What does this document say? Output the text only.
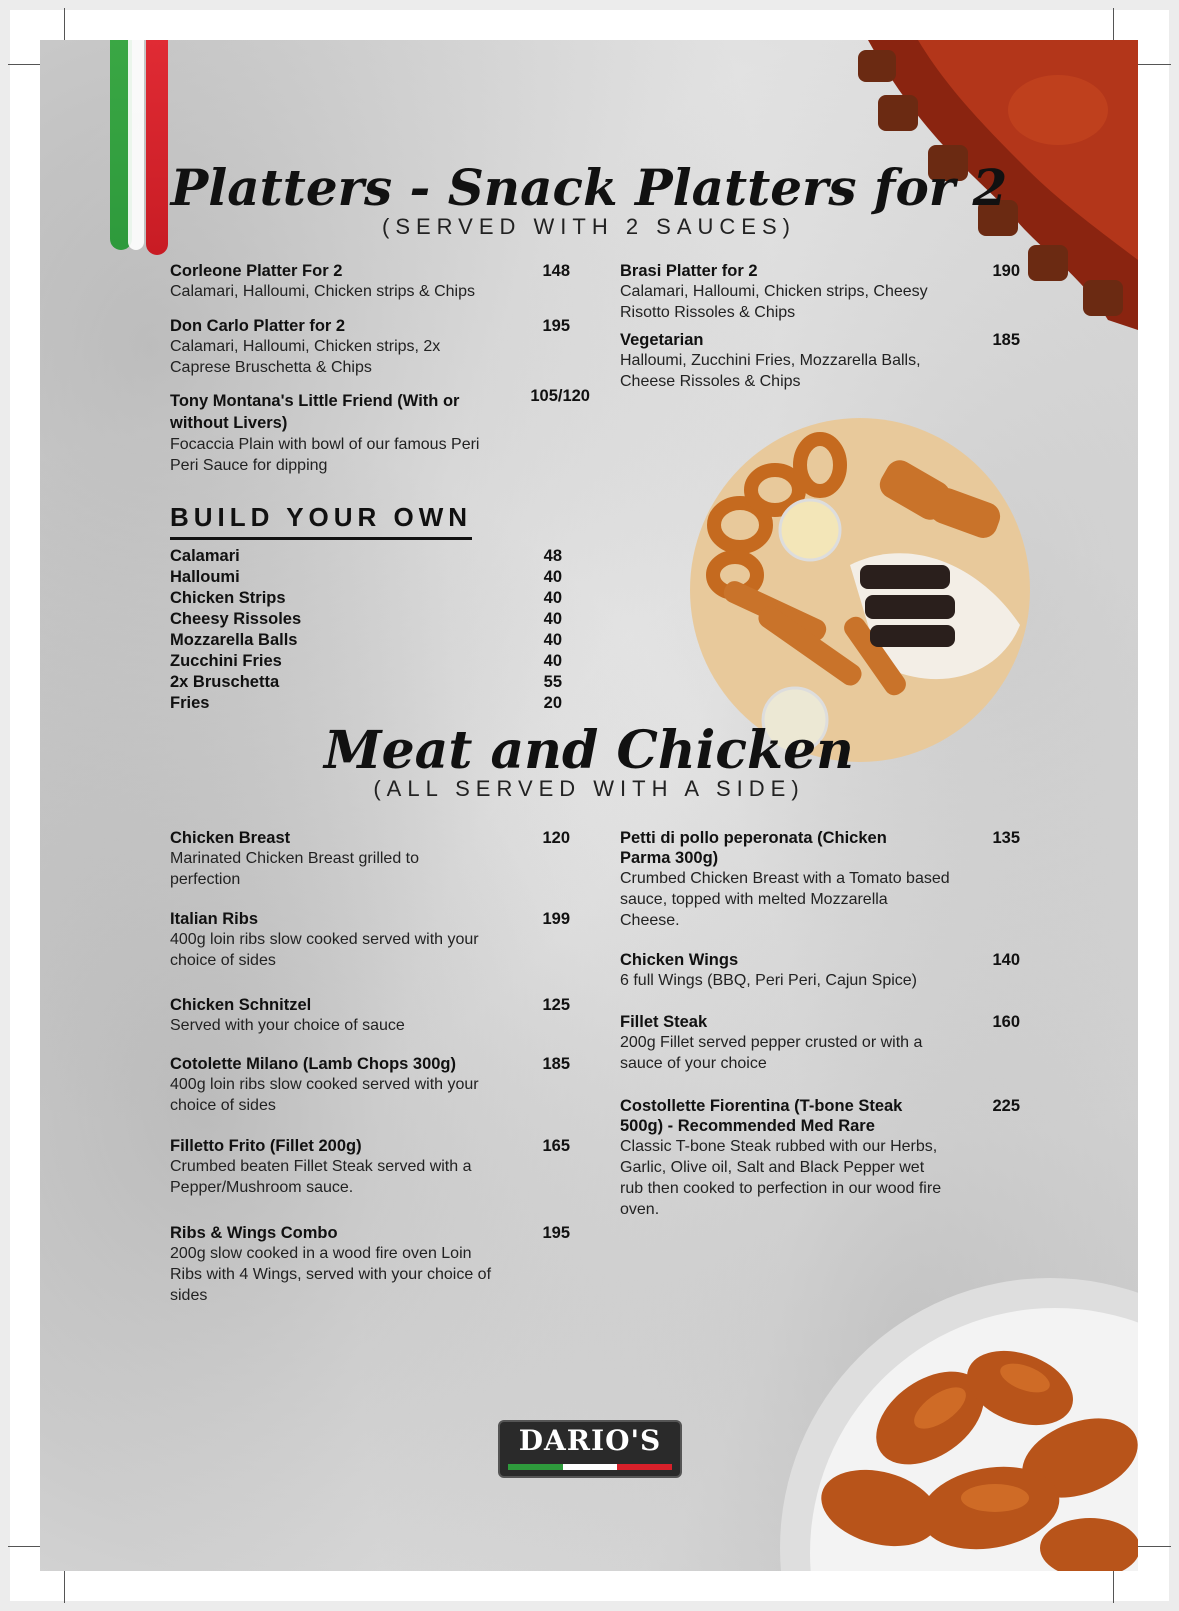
Platters - Snack Platters for 2
(SERVED WITH 2 SAUCES)
Corleone Platter For 2
Calamari, Halloumi, Chicken strips & Chips
148
Don Carlo Platter for 2
Calamari, Halloumi, Chicken strips, 2x Caprese Bruschetta & Chips
195
Tony Montana's Little Friend (With or without Livers)
Focaccia Plain with bowl of our famous Peri Peri Sauce for dipping
105/120
Brasi Platter for 2
Calamari, Halloumi, Chicken strips, Cheesy Risotto Rissoles & Chips
190
Vegetarian
Halloumi, Zucchini Fries, Mozzarella Balls, Cheese Rissoles & Chips
185
BUILD YOUR OWN
Calamari	48
Halloumi	40
Chicken Strips	40
Cheesy Rissoles	40
Mozzarella Balls	40
Zucchini Fries	40
2x Bruschetta	55
Fries	20
Meat and Chicken
(ALL SERVED WITH A SIDE)
Chicken Breast
Marinated Chicken Breast grilled to perfection
120
Italian Ribs
400g loin ribs slow cooked served with your choice of sides
199
Chicken Schnitzel
Served with your choice of sauce
125
Cotolette Milano (Lamb Chops 300g)
400g loin ribs slow cooked served with your choice of sides
185
Filletto Frito (Fillet 200g)
Crumbed beaten Fillet Steak served with a Pepper/Mushroom sauce.
165
Ribs & Wings Combo
200g slow cooked in a wood fire oven Loin Ribs with 4 Wings, served with your choice of sides
195
Petti di pollo peperonata (Chicken Parma 300g)
Crumbed Chicken Breast with a Tomato based sauce, topped with melted Mozzarella Cheese.
135
Chicken Wings
6 full Wings (BBQ, Peri Peri, Cajun Spice)
140
Fillet Steak
200g Fillet served pepper crusted or with a sauce of your choice
160
Costollette Fiorentina (T-bone Steak 500g) - Recommended Med Rare
Classic T-bone Steak rubbed with our Herbs, Garlic, Olive oil, Salt and Black Pepper wet rub then cooked to perfection in our wood fire oven.
225
DARIO'S
